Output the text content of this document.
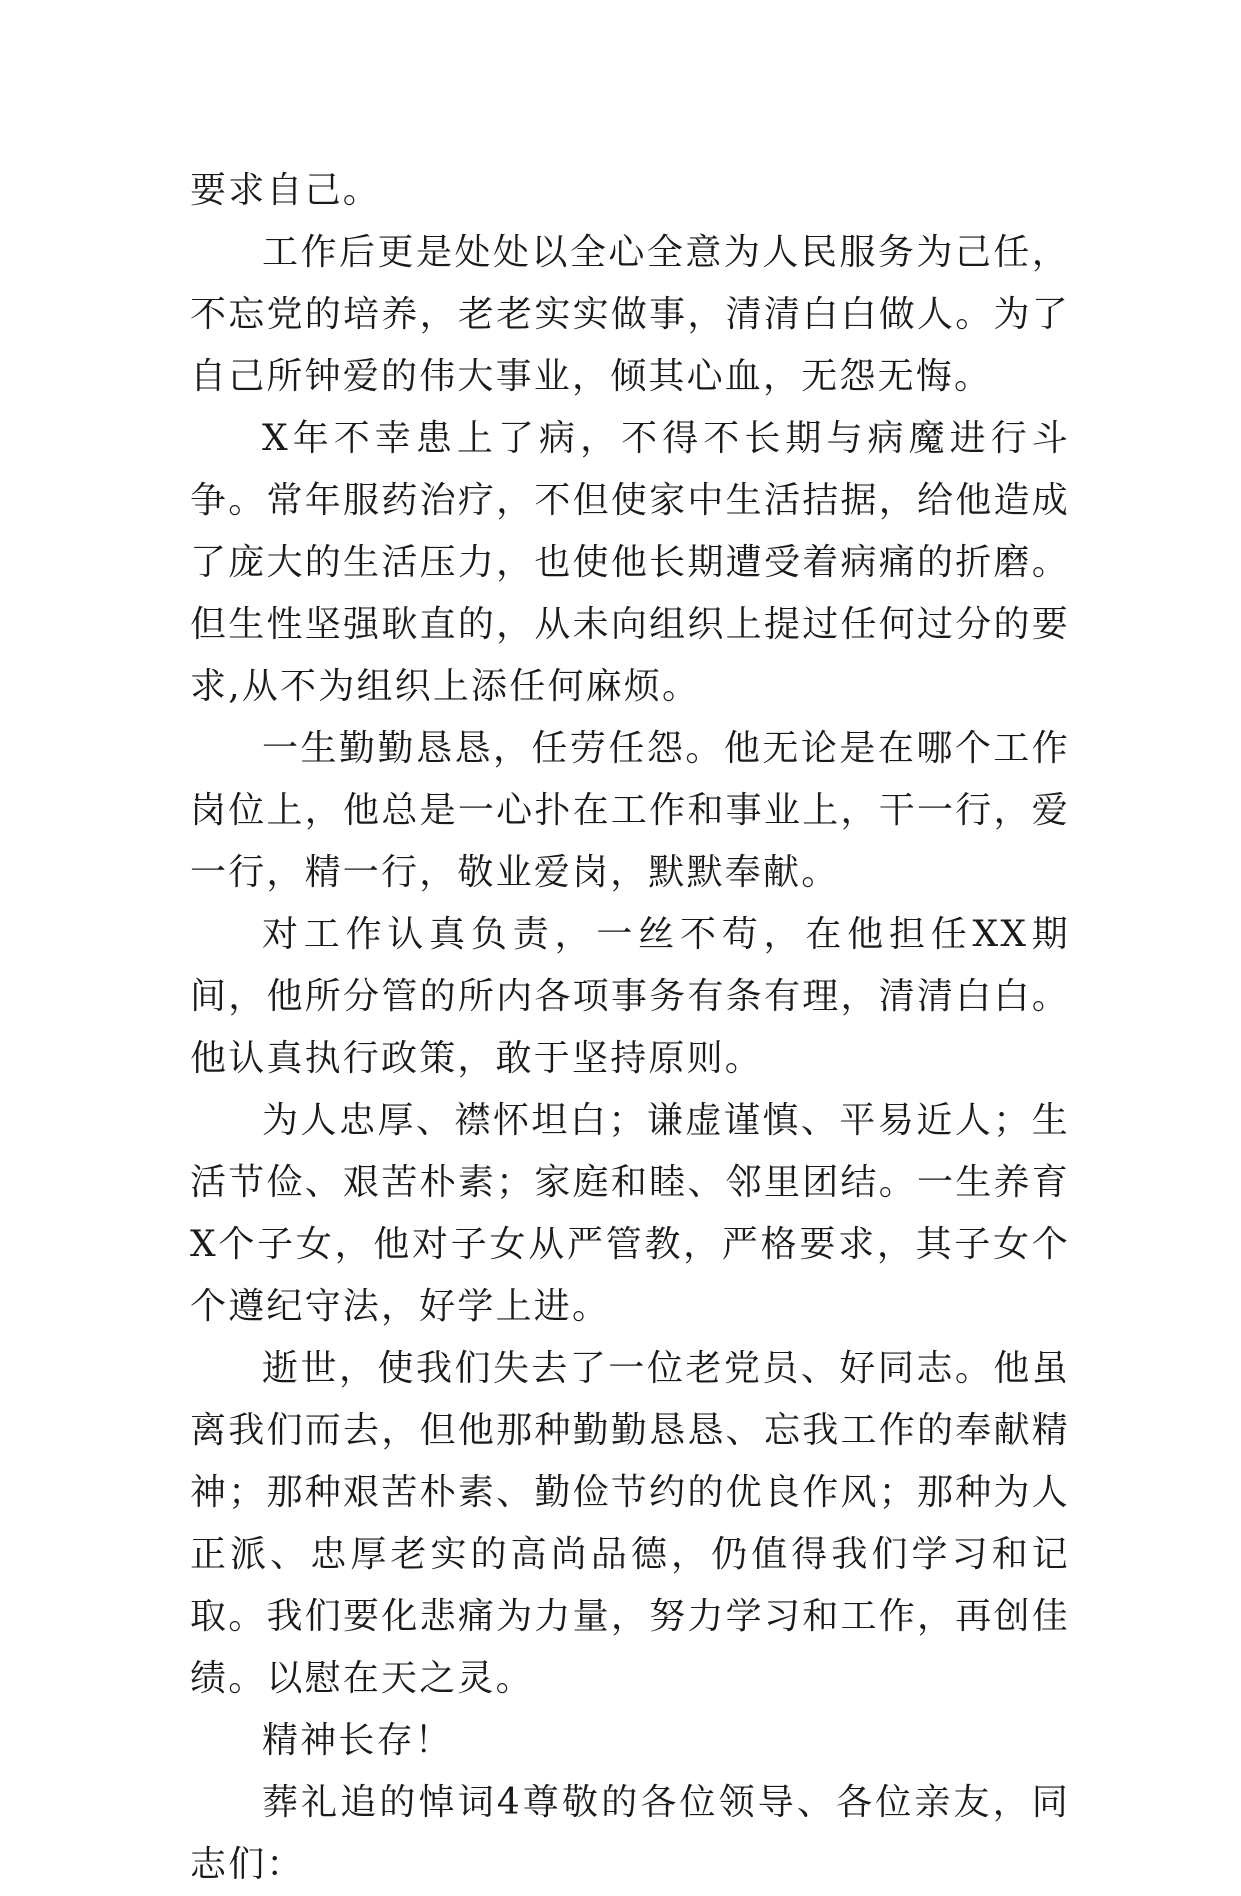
要求自己。

工作后更是处处以全心全意为人民服务为己任，不忘党的培养，老老实实做事，清清白白做人。为了自己所钟爱的伟大事业，倾其心血，无怨无悔。

X年不幸患上了病，不得不长期与病魔进行斗争。常年服药治疗，不但使家中生活拮据，给他造成了庞大的生活压力，也使他长期遭受着病痛的折磨。但生性坚强耿直的，从未向组织上提过任何过分的要求,从不为组织上添任何麻烦。

一生勤勤恳恳，任劳任怨。他无论是在哪个工作岗位上，他总是一心扑在工作和事业上，干一行，爱一行，精一行，敬业爱岗，默默奉献。

对工作认真负责，一丝不苟，在他担任XX期间，他所分管的所内各项事务有条有理，清清白白。他认真执行政策，敢于坚持原则。

为人忠厚、襟怀坦白；谦虚谨慎、平易近人；生活节俭、艰苦朴素；家庭和睦、邻里团结。一生养育X个子女，他对子女从严管教，严格要求，其子女个个遵纪守法，好学上进。

逝世，使我们失去了一位老党员、好同志。他虽离我们而去，但他那种勤勤恳恳、忘我工作的奉献精神；那种艰苦朴素、勤俭节约的优良作风；那种为人正派、忠厚老实的高尚品德，仍值得我们学习和记取。我们要化悲痛为力量，努力学习和工作，再创佳绩。以慰在天之灵。

精神长存！

葬礼追的悼词4尊敬的各位领导、各位亲友，同志们：
